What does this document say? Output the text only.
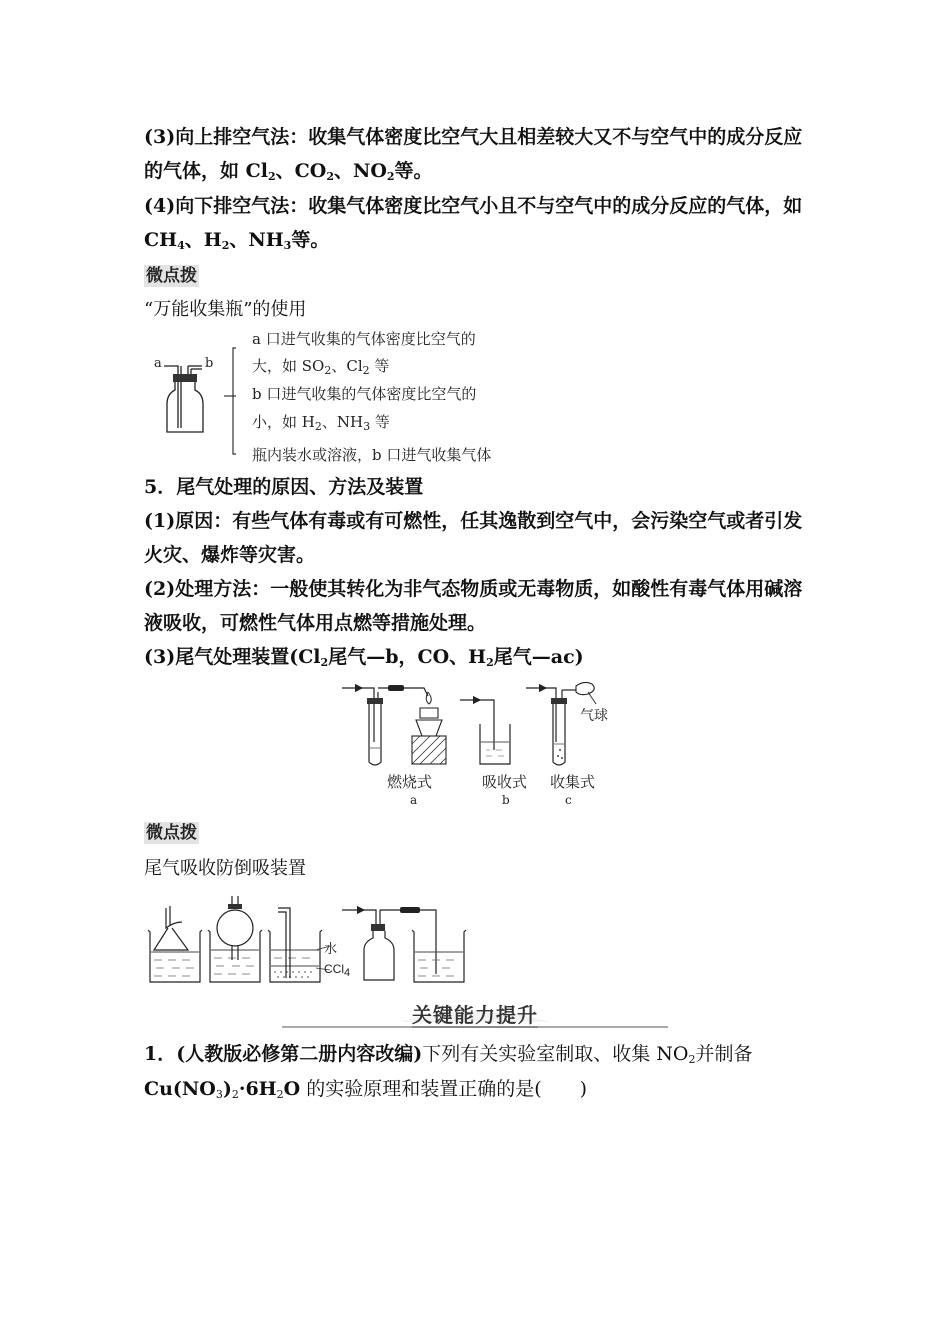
(3)向上排空气法：收集气体密度比空气大且相差较大又不与空气中的成分反应
的气体，如 $Cl_2$、$CO_2$、$NO_2$等。
(4)向下排空气法：收集气体密度比空气小且不与空气中的成分反应的气体，如
$CH_4$、$H_2$、$NH_3$等。
微点拨
“万能收集瓶”的使用
a	b
a 口进气收集的气体密度比空气的
大，如 $SO_2$、$Cl_2$ 等
b 口进气收集的气体密度比空气的
小，如 $H_2$、$NH_3$ 等
瓶内装水或溶液，b 口进气收集气体
5．尾气处理的原因、方法及装置
(1)原因：有些气体有毒或有可燃性，任其逸散到空气中，会污染空气或者引发
火灾、爆炸等灾害。
(2)处理方法：一般使其转化为非气态物质或无毒物质，如酸性有毒气体用碱溶
液吸收，可燃性气体用点燃等措施处理。
(3)尾气处理装置($Cl_2$尾气—b，CO、$H_2$尾气—ac)
气球
燃烧式
a
吸收式
b
收集式
c
微点拨
尾气吸收防倒吸装置
水
CCl$_4$
关键能力提升
1．(人教版必修第二册内容改编)下列有关实验室制取、收集 $NO_2$并制备
$Cu(NO_3)_2\cdot 6H_2O$ 的实验原理和装置正确的是(　　)
